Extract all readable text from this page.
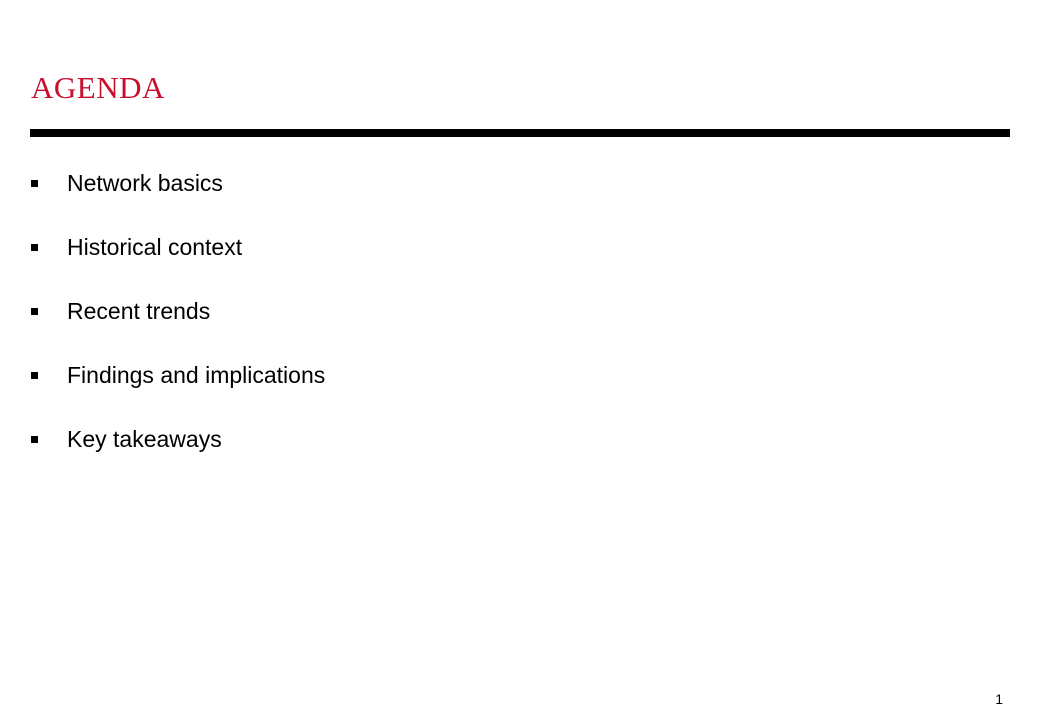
AGENDA
Network basics
Historical context
Recent trends
Findings and implications
Key takeaways
1
